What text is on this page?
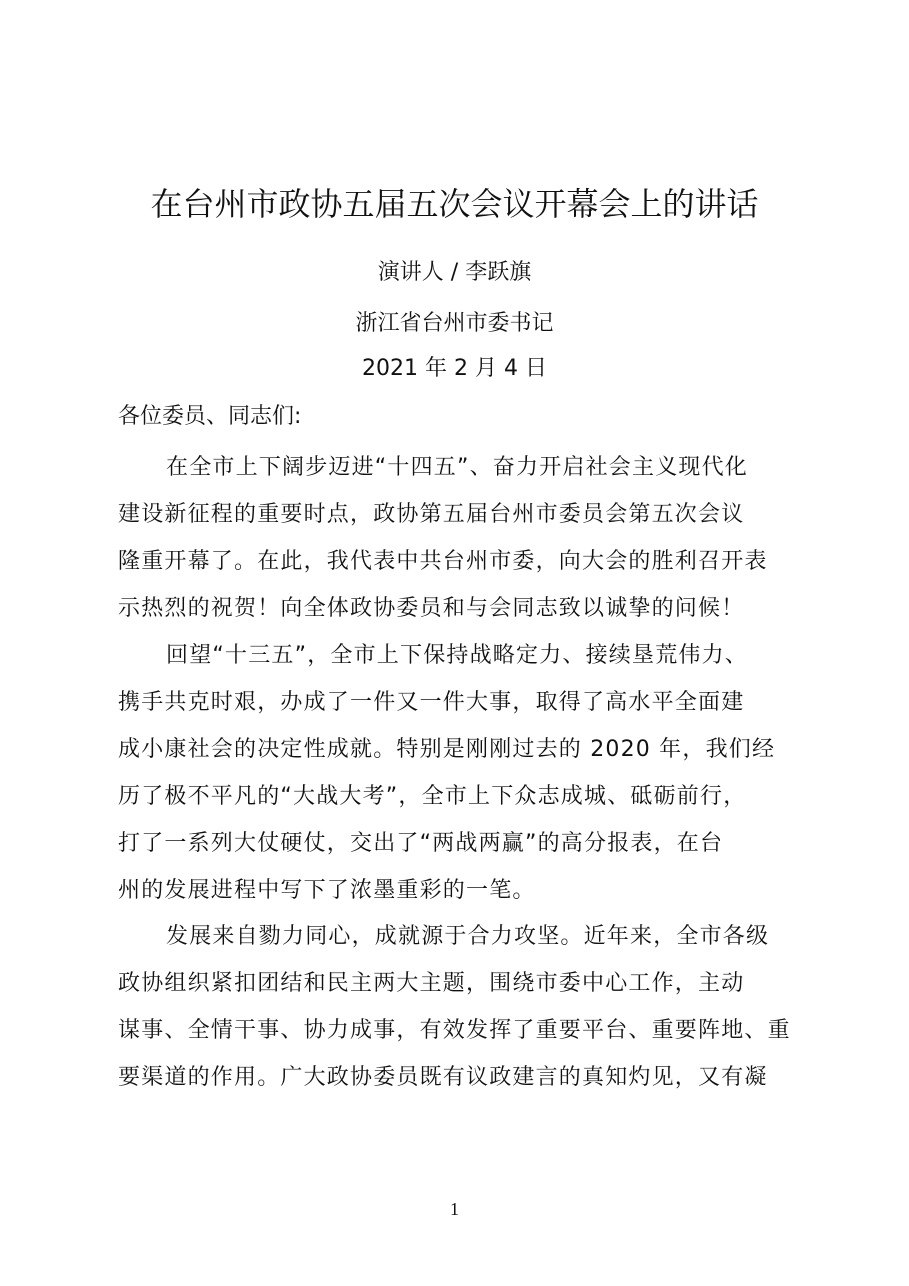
在台州市政协五届五次会议开幕会上的讲话
演讲人 / 李跃旗
浙江省台州市委书记
2021 年 2 月 4 日
各位委员、同志们:
在全市上下阔步迈进“十四五”、奋力开启社会主义现代化
建设新征程的重要时点，政协第五届台州市委员会第五次会议
隆重开幕了。在此，我代表中共台州市委，向大会的胜利召开表
示热烈的祝贺！向全体政协委员和与会同志致以诚挚的问候！
回望“十三五”，全市上下保持战略定力、接续垦荒伟力、
携手共克时艰，办成了一件又一件大事，取得了高水平全面建
成小康社会的决定性成就。特别是刚刚过去的 2020 年，我们经
历了极不平凡的“大战大考”，全市上下众志成城、砥砺前行，
打了一系列大仗硬仗，交出了“两战两赢”的高分报表，在台
州的发展进程中写下了浓墨重彩的一笔。
发展来自勠力同心，成就源于合力攻坚。近年来，全市各级
政协组织紧扣团结和民主两大主题，围绕市委中心工作，主动
谋事、全情干事、协力成事，有效发挥了重要平台、重要阵地、重
要渠道的作用。广大政协委员既有议政建言的真知灼见，又有凝
1
